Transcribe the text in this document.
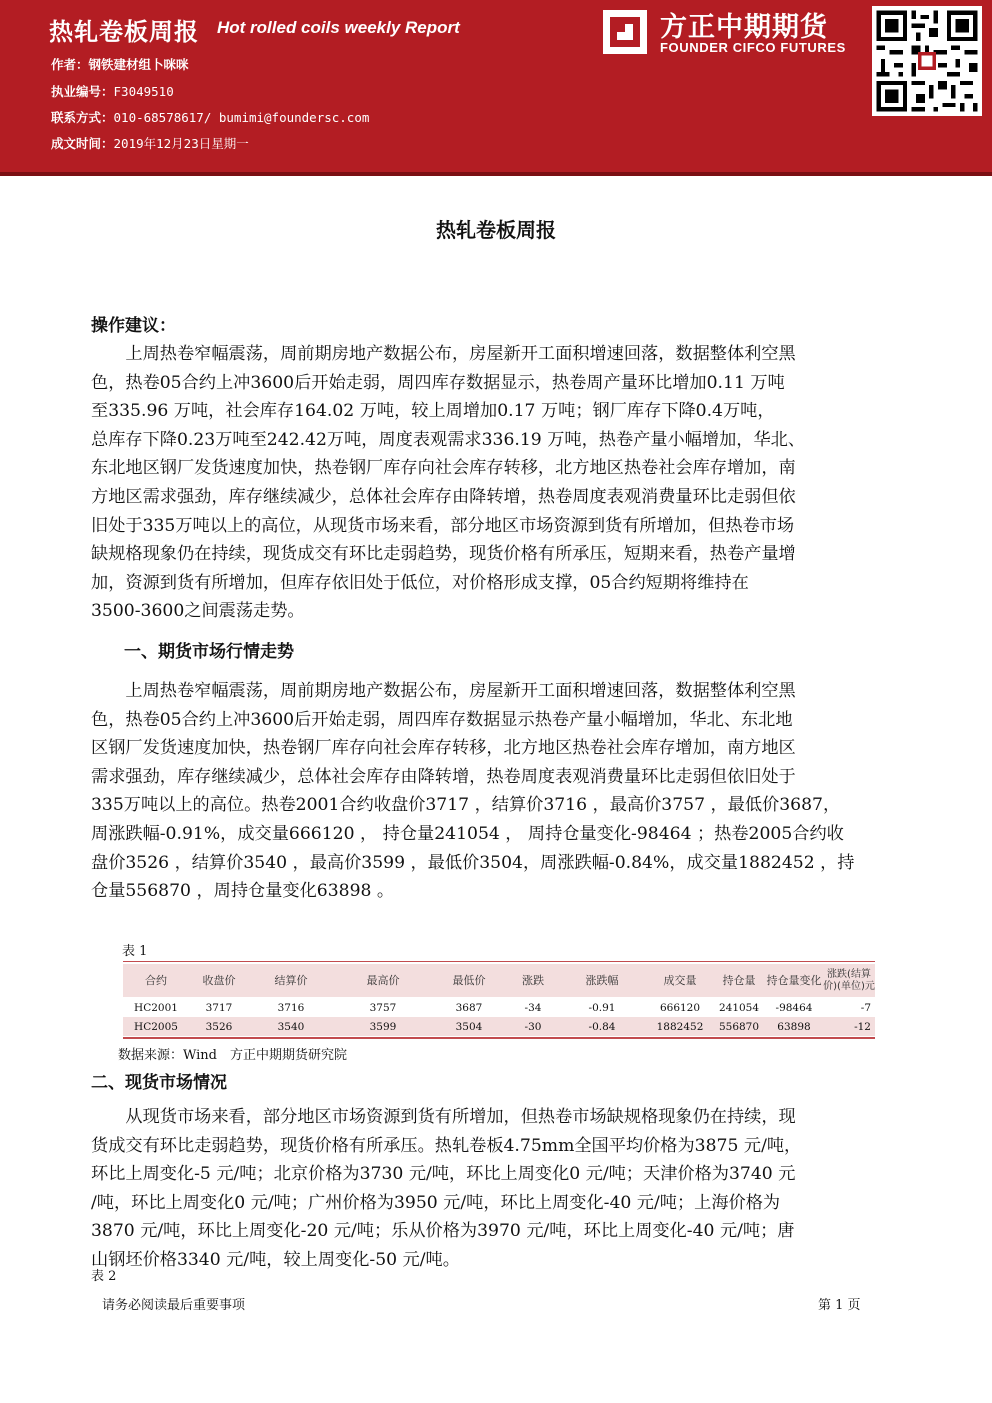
热轧卷板周报 Hot rolled coils weekly Report
作者：钢铁建材组卜咪咪
执业编号：F3049510
联系方式：010-68578617/ bumimi@foundersc.com
成文时间：2019年12月23日星期一
方正中期期货
FOUNDER CIFCO FUTURES
热轧卷板周报
操作建议：
　　上周热卷窄幅震荡，周前期房地产数据公布，房屋新开工面积增速回落，数据整体利空黑
色，热卷05合约上冲3600后开始走弱，周四库存数据显示，热卷周产量环比增加0.11 万吨
至335.96 万吨，社会库存164.02 万吨，较上周增加0.17 万吨；钢厂库存下降0.4万吨，
总库存下降0.23万吨至242.42万吨，周度表观需求336.19 万吨，热卷产量小幅增加，华北、
东北地区钢厂发货速度加快，热卷钢厂库存向社会库存转移，北方地区热卷社会库存增加，南
方地区需求强劲，库存继续减少，总体社会库存由降转增，热卷周度表观消费量环比走弱但依
旧处于335万吨以上的高位，从现货市场来看，部分地区市场资源到货有所增加，但热卷市场
缺规格现象仍在持续，现货成交有环比走弱趋势，现货价格有所承压，短期来看，热卷产量增
加，资源到货有所增加，但库存依旧处于低位，对价格形成支撑，05合约短期将维持在
3500-3600之间震荡走势。
一、期货市场行情走势
　　上周热卷窄幅震荡，周前期房地产数据公布，房屋新开工面积增速回落，数据整体利空黑
色，热卷05合约上冲3600后开始走弱，周四库存数据显示热卷产量小幅增加，华北、东北地
区钢厂发货速度加快，热卷钢厂库存向社会库存转移，北方地区热卷社会库存增加，南方地区
需求强劲，库存继续减少，总体社会库存由降转增，热卷周度表观消费量环比走弱但依旧处于
335万吨以上的高位。热卷2001合约收盘价3717 ，结算价3716 ，最高价3757 ，最低价3687，
周涨跌幅-0.91%，成交量666120 ， 持仓量241054 ， 周持仓量变化-98464 ；热卷2005合约收
盘价3526 ，结算价3540 ，最高价3599 ，最低价3504，周涨跌幅-0.84%，成交量1882452 ，持
仓量556870 ，周持仓量变化63898 。
表 1
合约	收盘价	结算价	最高价	最低价	涨跌	涨跌幅	成交量	持仓量	持仓量变化 涨跌(结算价)(单位)元
HC2001	3717	3716	3757	3687	-34	-0.91	666120	241054	-98464	-7
HC2005	3526	3540	3599	3504	-30	-0.84	1882452	556870	63898	-12
数据来源：Wind　方正中期期货研究院
二、现货市场情况
　　从现货市场来看，部分地区市场资源到货有所增加，但热卷市场缺规格现象仍在持续，现
货成交有环比走弱趋势，现货价格有所承压。热轧卷板4.75mm全国平均价格为3875 元/吨，
环比上周变化-5 元/吨；北京价格为3730 元/吨，环比上周变化0 元/吨；天津价格为3740 元
/吨，环比上周变化0 元/吨；广州价格为3950 元/吨，环比上周变化-40 元/吨；上海价格为
3870 元/吨，环比上周变化-20 元/吨；乐从价格为3970 元/吨，环比上周变化-40 元/吨；唐
山钢坯价格3340 元/吨，较上周变化-50 元/吨。
表 2
请务必阅读最后重要事项	第 1 页
